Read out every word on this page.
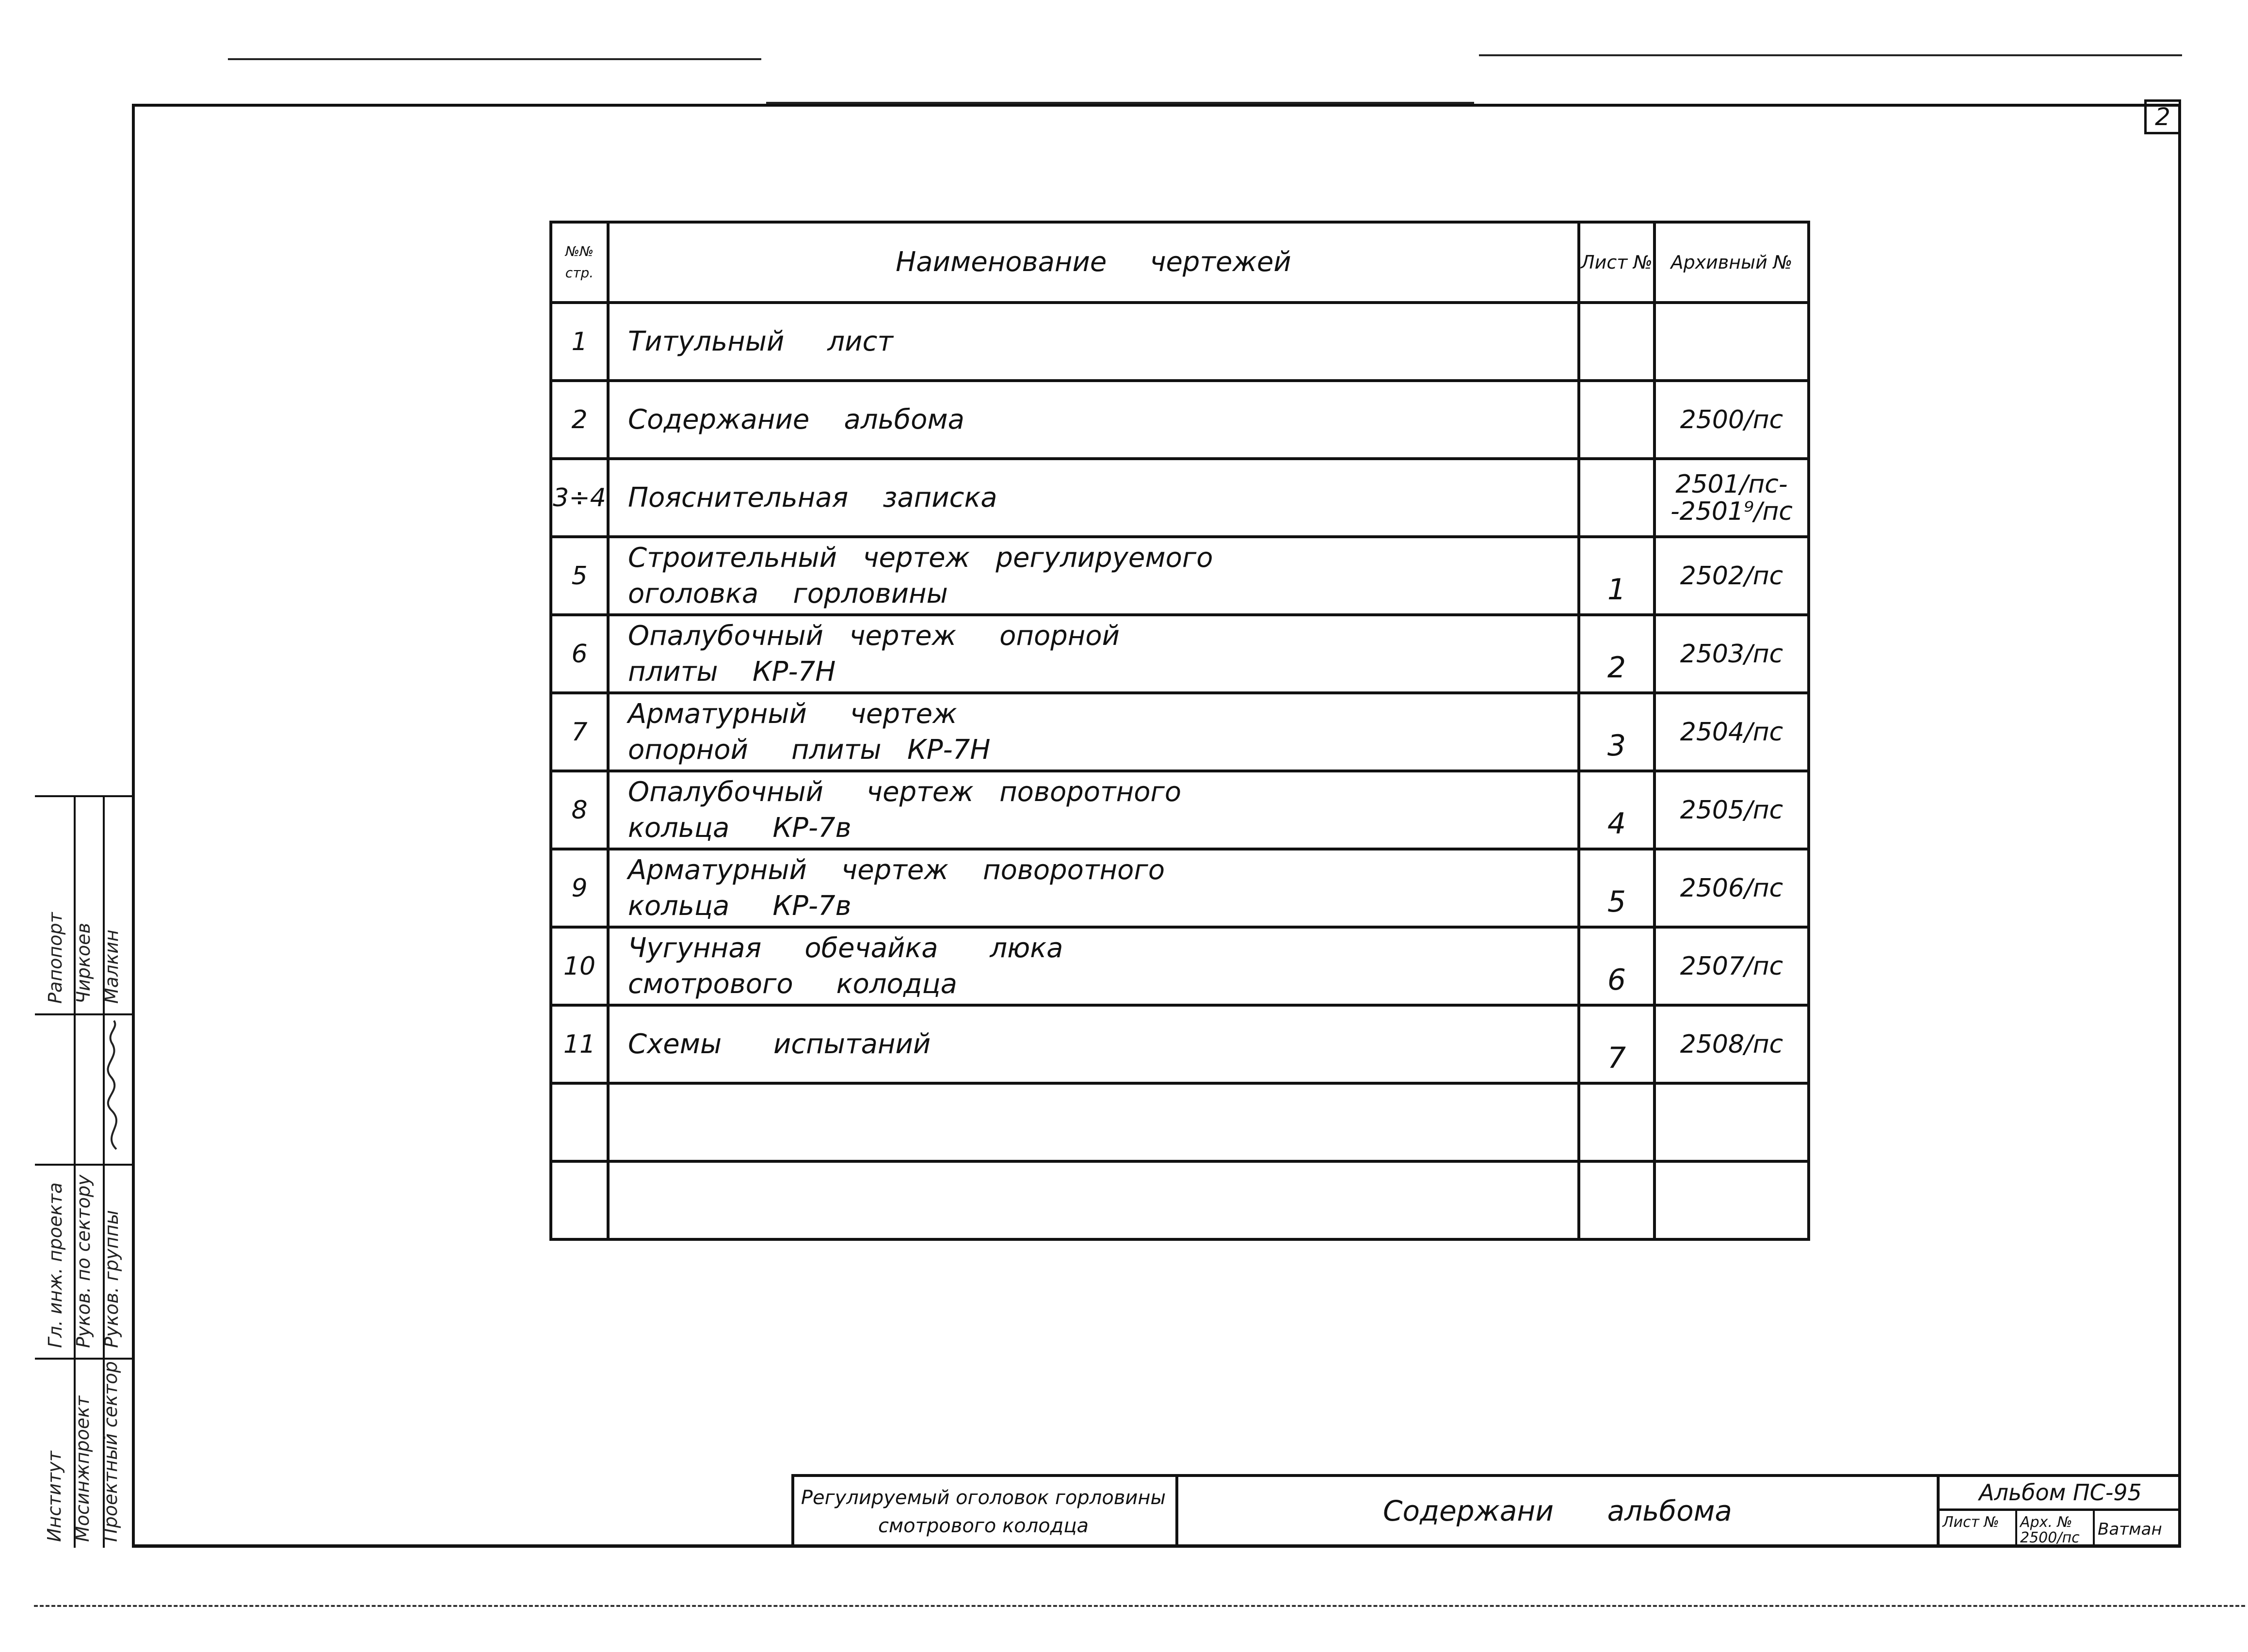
2
№№
стр.	Наименование     чертежей	Лист №	Архивный №
1	Титульный     лист		

2	Содержание    альбома		2500/пс

3÷4	Пояснительная    записка		2501/пс-
-2501⁹/пс

5	Строительный   чертеж   регулируемого
оголовка    горловины	1	2502/пс

6	Опалубочный   чертеж     опорной
плиты    КР-7Н	2	2503/пс

7	Арматурный     чертеж
опорной     плиты   КР-7Н	3	2504/пс

8	Опалубочный     чертеж   поворотного
кольца     КР-7в	4	2505/пс

9	Арматурный    чертеж    поворотного
кольца     КР-7в	5	2506/пс

10	Чугунная     обечайка      люка
смотрового     колодца	6	2507/пс

11	Схемы      испытаний	7	2508/пс

Институт Мосинжпроект Проектный сектор
Гл. инж. проекта Руков. по сектору Руков. группы
Рапопорт Чиркоев Малкин
Регулируемый оголовок горловины
смотрового колодца	Содержани      альбома
Альбом ПС-95
Лист №	Арх. №
2500/пс	Ватман
